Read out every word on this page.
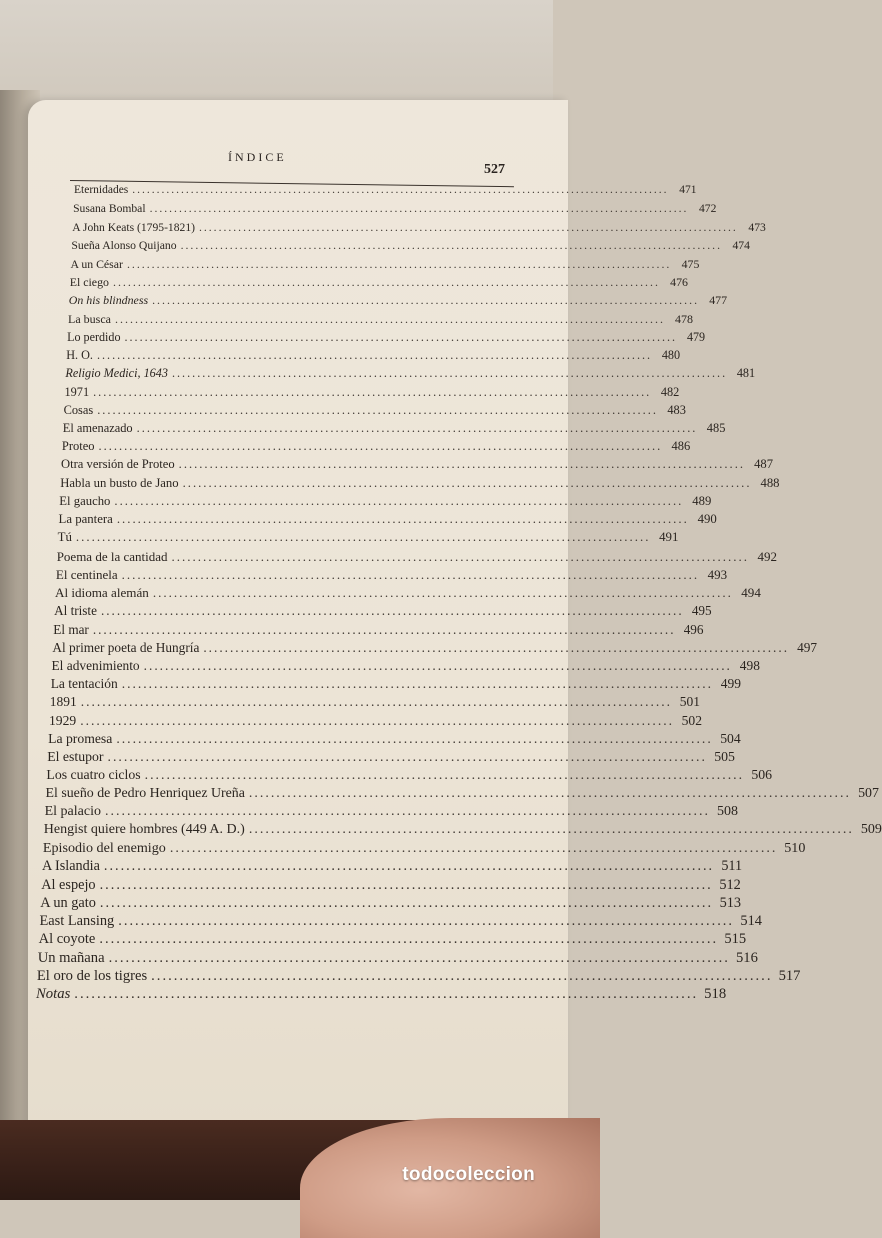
ÍNDICE
527
Eternidades .............................................................................................................. 471
Susana Bombal .............................................................................................................. 472
A John Keats (1795-1821) .............................................................................................................. 473
Sueña Alonso Quijano .............................................................................................................. 474
A un César .............................................................................................................. 475
El ciego .............................................................................................................. 476
On his blindness .............................................................................................................. 477
La busca .............................................................................................................. 478
Lo perdido .............................................................................................................. 479
H. O. .............................................................................................................. 480
Religio Medici, 1643 .............................................................................................................. 481
1971 .............................................................................................................. 482
Cosas .............................................................................................................. 483
El amenazado .............................................................................................................. 485
Proteo .............................................................................................................. 486
Otra versión de Proteo .............................................................................................................. 487
Habla un busto de Jano .............................................................................................................. 488
El gaucho .............................................................................................................. 489
La pantera .............................................................................................................. 490
Tú .............................................................................................................. 491
Poema de la cantidad .............................................................................................................. 492
El centinela .............................................................................................................. 493
Al idioma alemán .............................................................................................................. 494
Al triste .............................................................................................................. 495
El mar .............................................................................................................. 496
Al primer poeta de Hungría .............................................................................................................. 497
El advenimiento .............................................................................................................. 498
La tentación .............................................................................................................. 499
1891 .............................................................................................................. 501
1929 .............................................................................................................. 502
La promesa .............................................................................................................. 504
El estupor .............................................................................................................. 505
Los cuatro ciclos .............................................................................................................. 506
El sueño de Pedro Henriquez Ureña .............................................................................................................. 507
El palacio .............................................................................................................. 508
Hengist quiere hombres (449 A. D.) .............................................................................................................. 509
Episodio del enemigo .............................................................................................................. 510
A Islandia .............................................................................................................. 511
Al espejo .............................................................................................................. 512
A un gato .............................................................................................................. 513
East Lansing .............................................................................................................. 514
Al coyote .............................................................................................................. 515
Un mañana .............................................................................................................. 516
El oro de los tigres .............................................................................................................. 517
Notas .............................................................................................................. 518
todocoleccion
